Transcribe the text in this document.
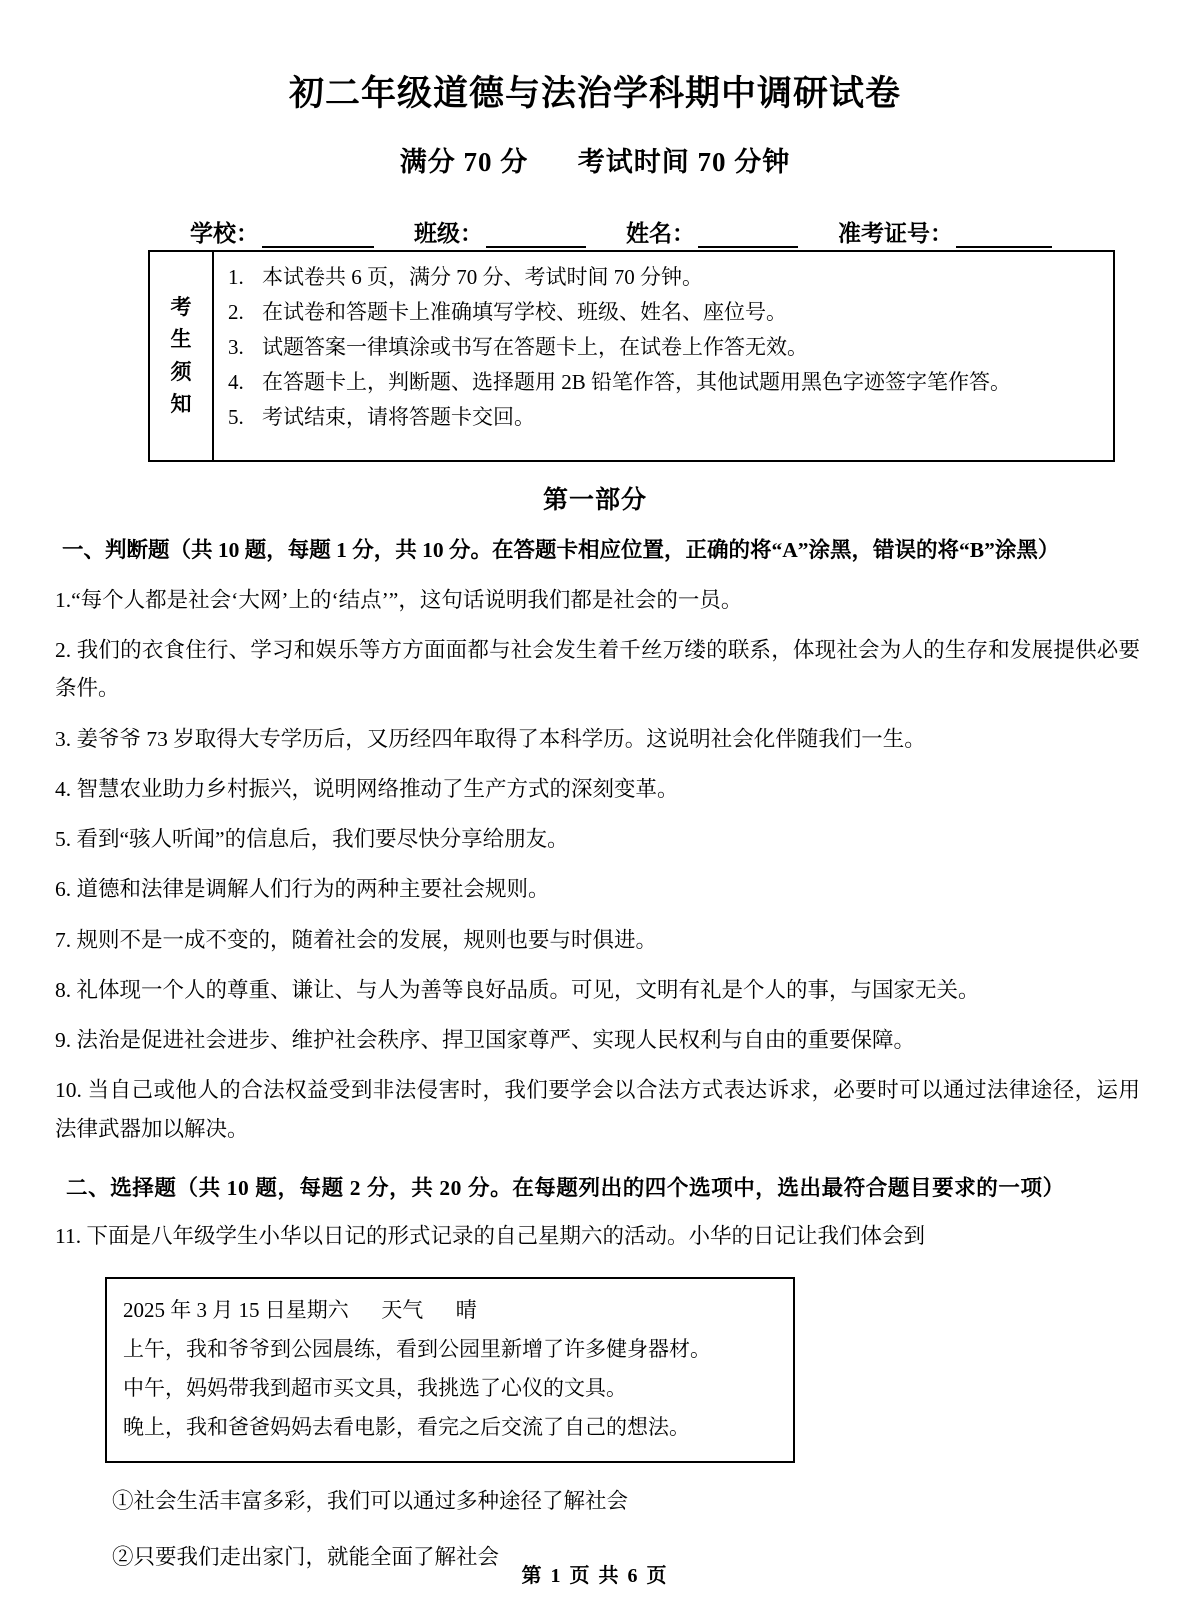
初二年级道德与法治学科期中调研试卷
满分 70 分 考试时间 70 分钟
学校：	班级：	姓名：	准考证号：
考
生
须
知
1. 本试卷共 6 页，满分 70 分、考试时间 70 分钟。
2. 在试卷和答题卡上准确填写学校、班级、姓名、座位号。
3. 试题答案一律填涂或书写在答题卡上，在试卷上作答无效。
4. 在答题卡上，判断题、选择题用 2B 铅笔作答，其他试题用黑色字迹签字笔作答。
5. 考试结束，请将答题卡交回。
第一部分
一、判断题（共 10 题，每题 1 分，共 10 分。在答题卡相应位置，正确的将“A”涂黑，错误的将“B”涂黑）
1.“每个人都是社会‘大网’上的‘结点’”，这句话说明我们都是社会的一员。
2. 我们的衣食住行、学习和娱乐等方方面面都与社会发生着千丝万缕的联系，体现社会为人的生存和发展提供必要条件。
3. 姜爷爷 73 岁取得大专学历后，又历经四年取得了本科学历。这说明社会化伴随我们一生。
4. 智慧农业助力乡村振兴，说明网络推动了生产方式的深刻变革。
5. 看到“骇人听闻”的信息后，我们要尽快分享给朋友。
6. 道德和法律是调解人们行为的两种主要社会规则。
7. 规则不是一成不变的，随着社会的发展，规则也要与时俱进。
8. 礼体现一个人的尊重、谦让、与人为善等良好品质。可见，文明有礼是个人的事，与国家无关。
9. 法治是促进社会进步、维护社会秩序、捍卫国家尊严、实现人民权利与自由的重要保障。
10. 当自己或他人的合法权益受到非法侵害时，我们要学会以合法方式表达诉求，必要时可以通过法律途径，运用法律武器加以解决。
二、选择题（共 10 题，每题 2 分，共 20 分。在每题列出的四个选项中，选出最符合题目要求的一项）
11. 下面是八年级学生小华以日记的形式记录的自己星期六的活动。小华的日记让我们体会到
2025 年 3 月 15 日星期六 天气 晴
上午，我和爷爷到公园晨练，看到公园里新增了许多健身器材。
中午，妈妈带我到超市买文具，我挑选了心仪的文具。
晚上，我和爸爸妈妈去看电影，看完之后交流了自己的想法。
①社会生活丰富多彩，我们可以通过多种途径了解社会
②只要我们走出家门，就能全面了解社会
第 1 页 共 6 页
